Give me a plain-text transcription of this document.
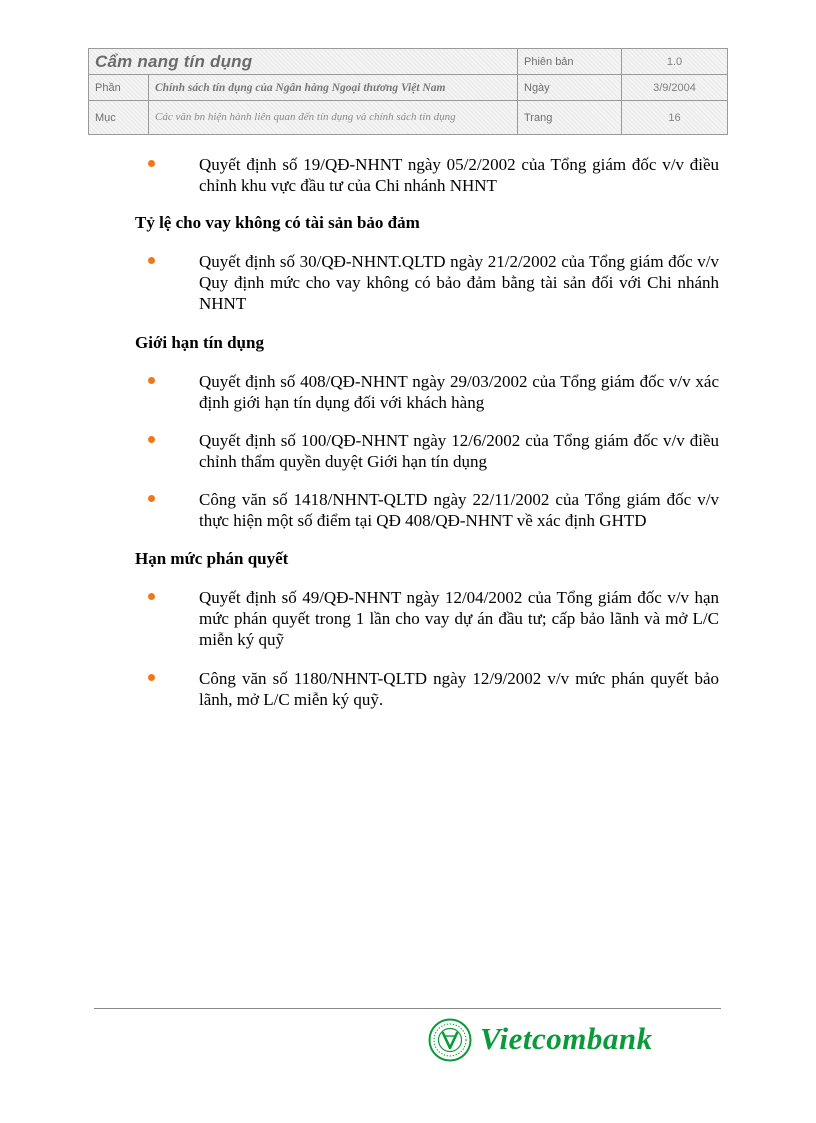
Cẩm nang tín dụng		Phiên bản	1.0
Phần	Chính sách tín dụng của Ngân hàng Ngoại thương Việt Nam	Ngày	3/9/2004
Mục	Các văn bn hiện hành liên quan đến tín dụng và chính sách tín dụng	Trang	16
Quyết định số 19/QĐ-NHNT ngày 05/2/2002 của Tổng giám đốc v/v điều chỉnh khu vực đầu tư của Chi nhánh NHNT

Tỷ lệ cho vay không có tài sản bảo đảm

Quyết định số 30/QĐ-NHNT.QLTD ngày 21/2/2002 của Tổng giám đốc v/v Quy định mức cho vay không có bảo đảm bằng tài sản đối với Chi nhánh NHNT

Giới hạn tín dụng

Quyết định số 408/QĐ-NHNT ngày 29/03/2002 của Tổng giám đốc v/v xác định giới hạn tín dụng đối với khách hàng
Quyết định số 100/QĐ-NHNT ngày 12/6/2002 của Tổng giám đốc v/v điều chỉnh thẩm quyền duyệt Giới hạn tín dụng
Công văn số 1418/NHNT-QLTD ngày 22/11/2002 của Tổng giám đốc v/v thực hiện một số điểm tại QĐ 408/QĐ-NHNT về xác định GHTD

Hạn mức phán quyết

Quyết định số 49/QĐ-NHNT ngày 12/04/2002 của Tổng giám đốc v/v hạn mức phán quyết trong 1 lần cho vay dự án đầu tư; cấp bảo lãnh và mở L/C miễn ký quỹ
Công văn số 1180/NHNT-QLTD ngày 12/9/2002 v/v mức phán quyết bảo lãnh, mở L/C miễn ký quỹ.
Vietcombank
